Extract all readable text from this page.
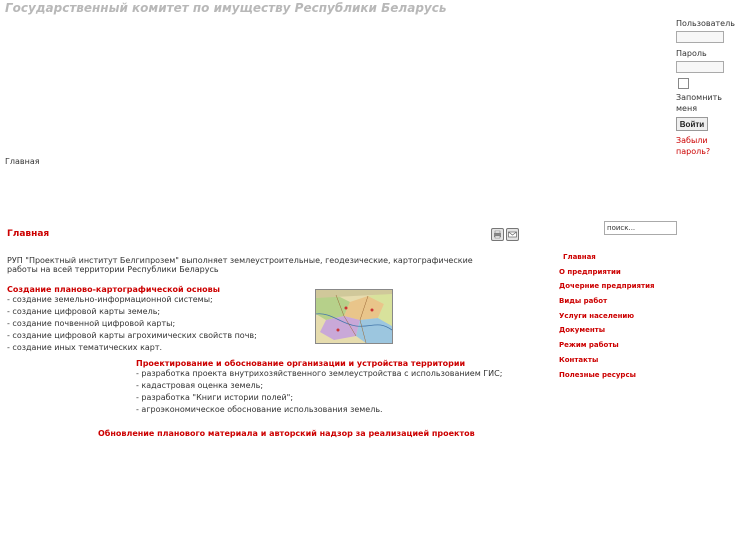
Государственный комитет по имуществу Республики Беларусь
Пользователь
Пароль
Запомнить меня
Войти
Забыли пароль?
Главная
поиск...
Главная
О предприятии
Дочерние предприятия
Виды работ
Услуги населению
Документы
Режим работы
Контакты
Полезные ресурсы
Главная
РУП "Проектный институт Белгипрозем" выполняет землеустроительные, геодезические, картографические работы на всей территории Республики Беларусь
Создание планово-картографической основы
- создание земельно-информационной системы;
- создание цифровой карты земель;
- создание почвенной цифровой карты;
- создание цифровой карты агрохимических свойств почв;
- создание иных тематических карт.
Проектирование и обоснование организации и устройства территории
- разработка проекта внутрихозяйственного землеустройства с использованием ГИС;
- кадастровая оценка земель;
- разработка "Книги истории полей";
- агроэкономическое обоснование использования земель.
Обновление планового материала и авторский надзор за реализацией проектов
